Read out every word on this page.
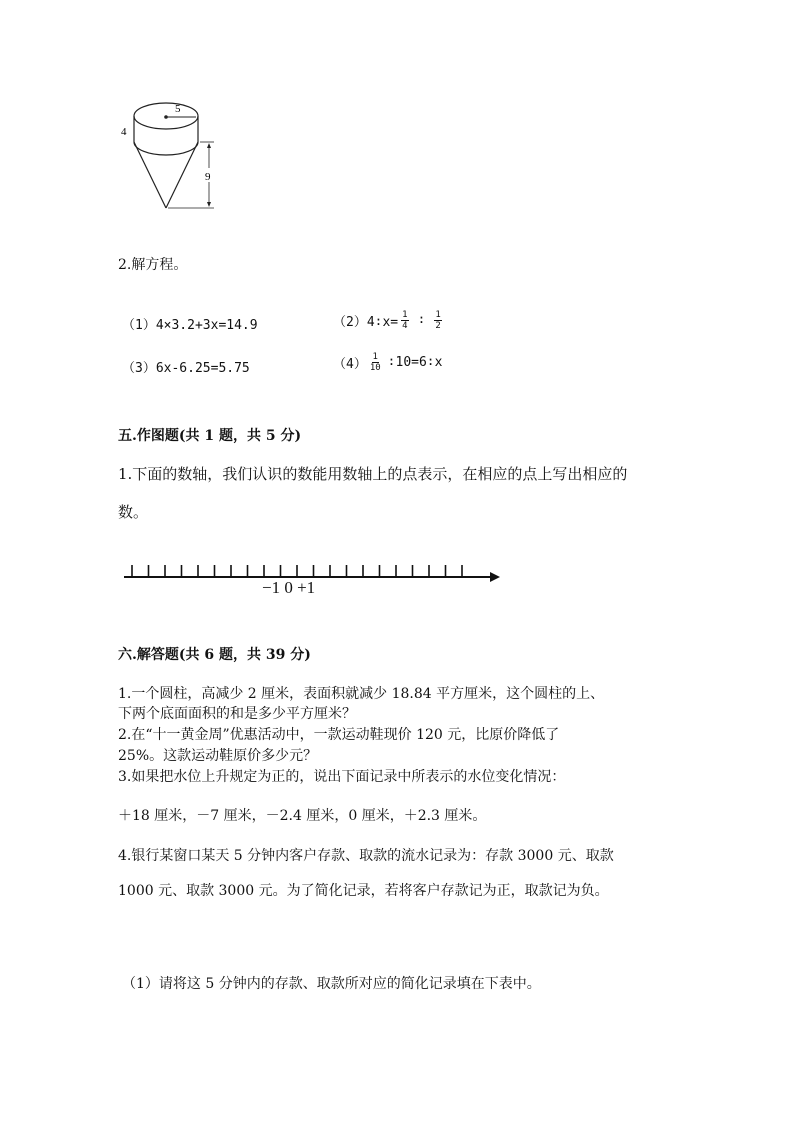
5
4
9
2.解方程。
（1）4×3.2+3x=14.9	（2）4∶x= $\frac{1}{4}$ ∶ $\frac{1}{2}$
（3）6x-6.25=5.75	$(4) \frac{1}{10}$ ∶10=6∶x
五.作图题(共 1 题，共 5 分)
1.下面的数轴，我们认识的数能用数轴上的点表示，在相应的点上写出相应的
数。
−1 0 +1
六.解答题(共 6 题，共 39 分)
1.一个圆柱，高减少 2 厘米，表面积就减少 18.84 平方厘米，这个圆柱的上、
下两个底面面积的和是多少平方厘米？
2.在“十一黄金周”优惠活动中，一款运动鞋现价 120 元，比原价降低了
25%。这款运动鞋原价多少元？
3.如果把水位上升规定为正的，说出下面记录中所表示的水位变化情况：
＋18 厘米，－7 厘米，－2.4 厘米，0 厘米，＋2.3 厘米。
4.银行某窗口某天 5 分钟内客户存款、取款的流水记录为：存款 3000 元、取款
1000 元、取款 3000 元。为了简化记录，若将客户存款记为正，取款记为负。
（1）请将这 5 分钟内的存款、取款所对应的简化记录填在下表中。
